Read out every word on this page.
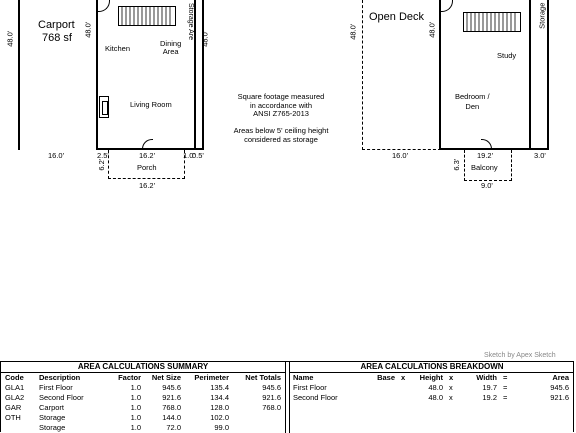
Carport
768 sf
48.0'
16.0'
Kitchen
Dining
Area
Living Room
Storage Are
48.0'
48.0'
2.5'	16.2'	1.0'
0.5'
6.2'	Porch
16.2'
Square footage measured
in accordance with
ANSI Z765-2013
Areas below 5' ceiling height
considered as storage
Open Deck
48.0'
16.0'
48.0'
Study
Bedroom /
Den
Storage
19.2'
6.3' Balcony
9.0'
3.0'
Sketch by Apex Sketch
AREA CALCULATIONS SUMMARY	AREA CALCULATIONS BREAKDOWN
Code	Description	Factor	Net Size	Perimeter	Net Totals
GLA1	First Floor	1.0	945.6	135.4	945.6
GLA2	Second Floor	1.0	921.6	134.4	921.6
GAR	Carport	1.0	768.0	128.0	768.0
OTH	Storage	1.0	144.0	102.0	
	Storage	1.0	72.0	99.0	
Name	Base	x	Height	x	Width	=	Area
First Floor			48.0	x	19.7	=	945.6
Second Floor			48.0	x	19.2	=	921.6
